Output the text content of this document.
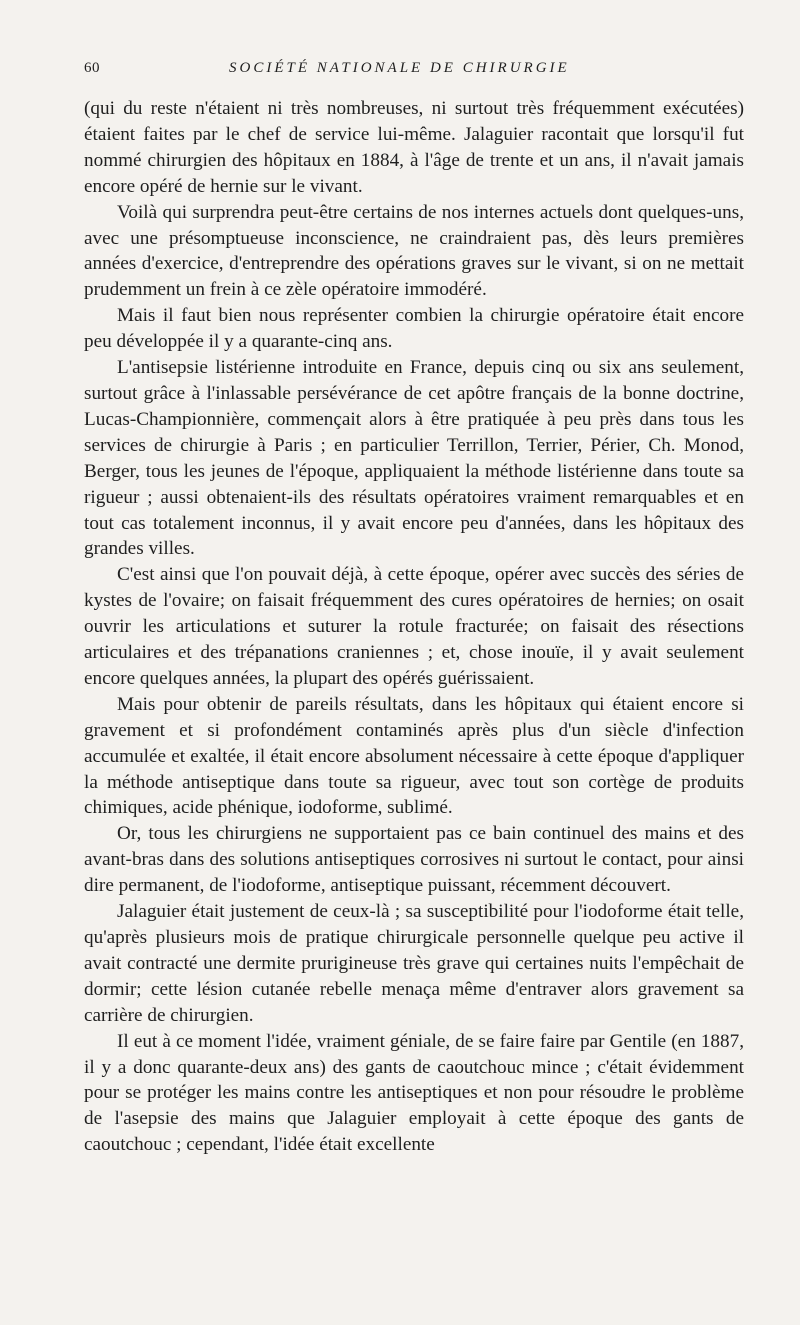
60	SOCIÉTÉ NATIONALE DE CHIRURGIE

(qui du reste n'étaient ni très nombreuses, ni surtout très fréquemment exécutées) étaient faites par le chef de service lui-même. Jalaguier racontait que lorsqu'il fut nommé chirurgien des hôpitaux en 1884, à l'âge de trente et un ans, il n'avait jamais encore opéré de hernie sur le vivant.

Voilà qui surprendra peut-être certains de nos internes actuels dont quelques-uns, avec une présomptueuse inconscience, ne craindraient pas, dès leurs premières années d'exercice, d'entreprendre des opérations graves sur le vivant, si on ne mettait prudemment un frein à ce zèle opératoire immodéré.

Mais il faut bien nous représenter combien la chirurgie opératoire était encore peu développée il y a quarante-cinq ans.

L'antisepsie listérienne introduite en France, depuis cinq ou six ans seulement, surtout grâce à l'inlassable persévérance de cet apôtre français de la bonne doctrine, Lucas-Championnière, commençait alors à être pratiquée à peu près dans tous les services de chirurgie à Paris ; en particulier Terrillon, Terrier, Périer, Ch. Monod, Berger, tous les jeunes de l'époque, appliquaient la méthode listérienne dans toute sa rigueur ; aussi obtenaient-ils des résultats opératoires vraiment remarquables et en tout cas totalement inconnus, il y avait encore peu d'années, dans les hôpitaux des grandes villes.

C'est ainsi que l'on pouvait déjà, à cette époque, opérer avec succès des séries de kystes de l'ovaire; on faisait fréquemment des cures opératoires de hernies; on osait ouvrir les articulations et suturer la rotule fracturée; on faisait des résections articulaires et des trépanations craniennes ; et, chose inouïe, il y avait seulement encore quelques années, la plupart des opérés guérissaient.

Mais pour obtenir de pareils résultats, dans les hôpitaux qui étaient encore si gravement et si profondément contaminés après plus d'un siècle d'infection accumulée et exaltée, il était encore absolument nécessaire à cette époque d'appliquer la méthode antiseptique dans toute sa rigueur, avec tout son cortège de produits chimiques, acide phénique, iodoforme, sublimé.

Or, tous les chirurgiens ne supportaient pas ce bain continuel des mains et des avant-bras dans des solutions antiseptiques corrosives ni surtout le contact, pour ainsi dire permanent, de l'iodoforme, antiseptique puissant, récemment découvert.

Jalaguier était justement de ceux-là ; sa susceptibilité pour l'iodoforme était telle, qu'après plusieurs mois de pratique chirurgicale personnelle quelque peu active il avait contracté une dermite prurigineuse très grave qui certaines nuits l'empêchait de dormir; cette lésion cutanée rebelle menaça même d'entraver alors gravement sa carrière de chirurgien.

Il eut à ce moment l'idée, vraiment géniale, de se faire faire par Gentile (en 1887, il y a donc quarante-deux ans) des gants de caoutchouc mince ; c'était évidemment pour se protéger les mains contre les antiseptiques et non pour résoudre le problème de l'asepsie des mains que Jalaguier employait à cette époque des gants de caoutchouc ; cependant, l'idée était excellente
